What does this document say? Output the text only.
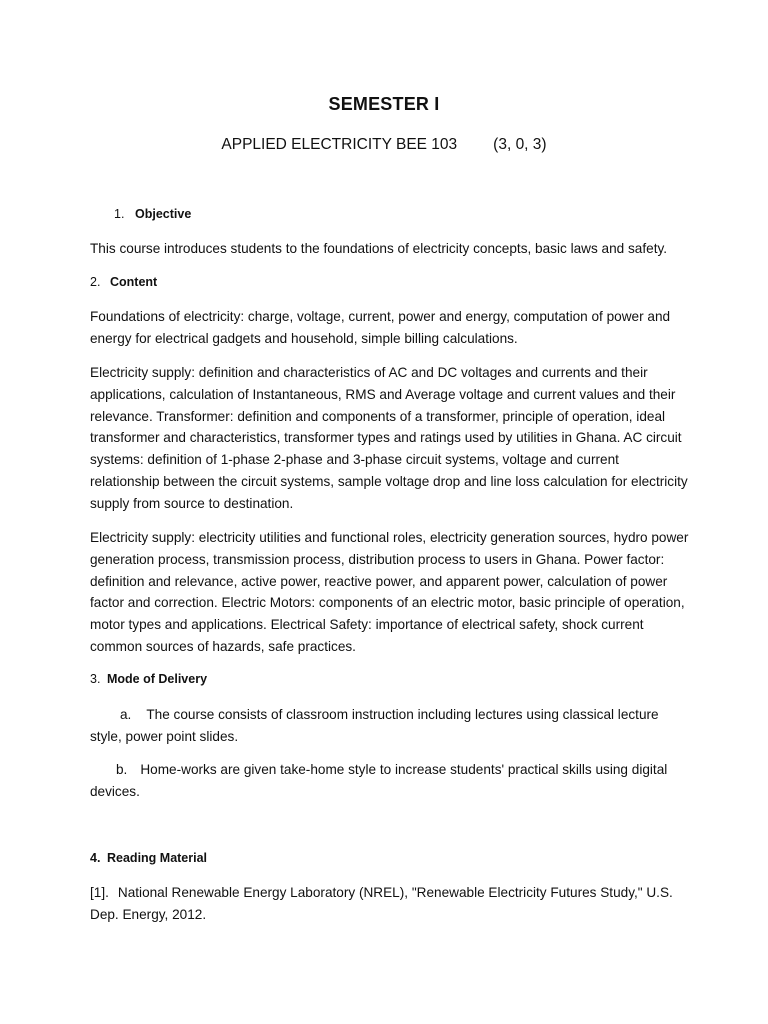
SEMESTER I
APPLIED ELECTRICITY BEE 103 (3, 0, 3)
1. Objective

This course introduces students to the foundations of electricity concepts, basic laws and safety.

2. Content

Foundations of electricity: charge, voltage, current, power and energy, computation of power and energy for electrical gadgets and household, simple billing calculations.

Electricity supply: definition and characteristics of AC and DC voltages and currents and their applications, calculation of Instantaneous, RMS and Average voltage and current values and their relevance. Transformer: definition and components of a transformer, principle of operation, ideal transformer and characteristics, transformer types and ratings used by utilities in Ghana. AC circuit systems: definition of 1-phase 2-phase and 3-phase circuit systems, voltage and current relationship between the circuit systems, sample voltage drop and line loss calculation for electricity supply from source to destination.

Electricity supply: electricity utilities and functional roles, electricity generation sources, hydro power generation process, transmission process, distribution process to users in Ghana. Power factor: definition and relevance, active power, reactive power, and apparent power, calculation of power factor and correction. Electric Motors: components of an electric motor, basic principle of operation, motor types and applications. Electrical Safety: importance of electrical safety, shock current common sources of hazards, safe practices.

3. Mode of Delivery

a. The course consists of classroom instruction including lectures using classical lecture style, power point slides.

b. Home-works are given take-home style to increase students' practical skills using digital devices.

4. Reading Material

[1]. National Renewable Energy Laboratory (NREL), "Renewable Electricity Futures Study," U.S. Dep. Energy, 2012.
